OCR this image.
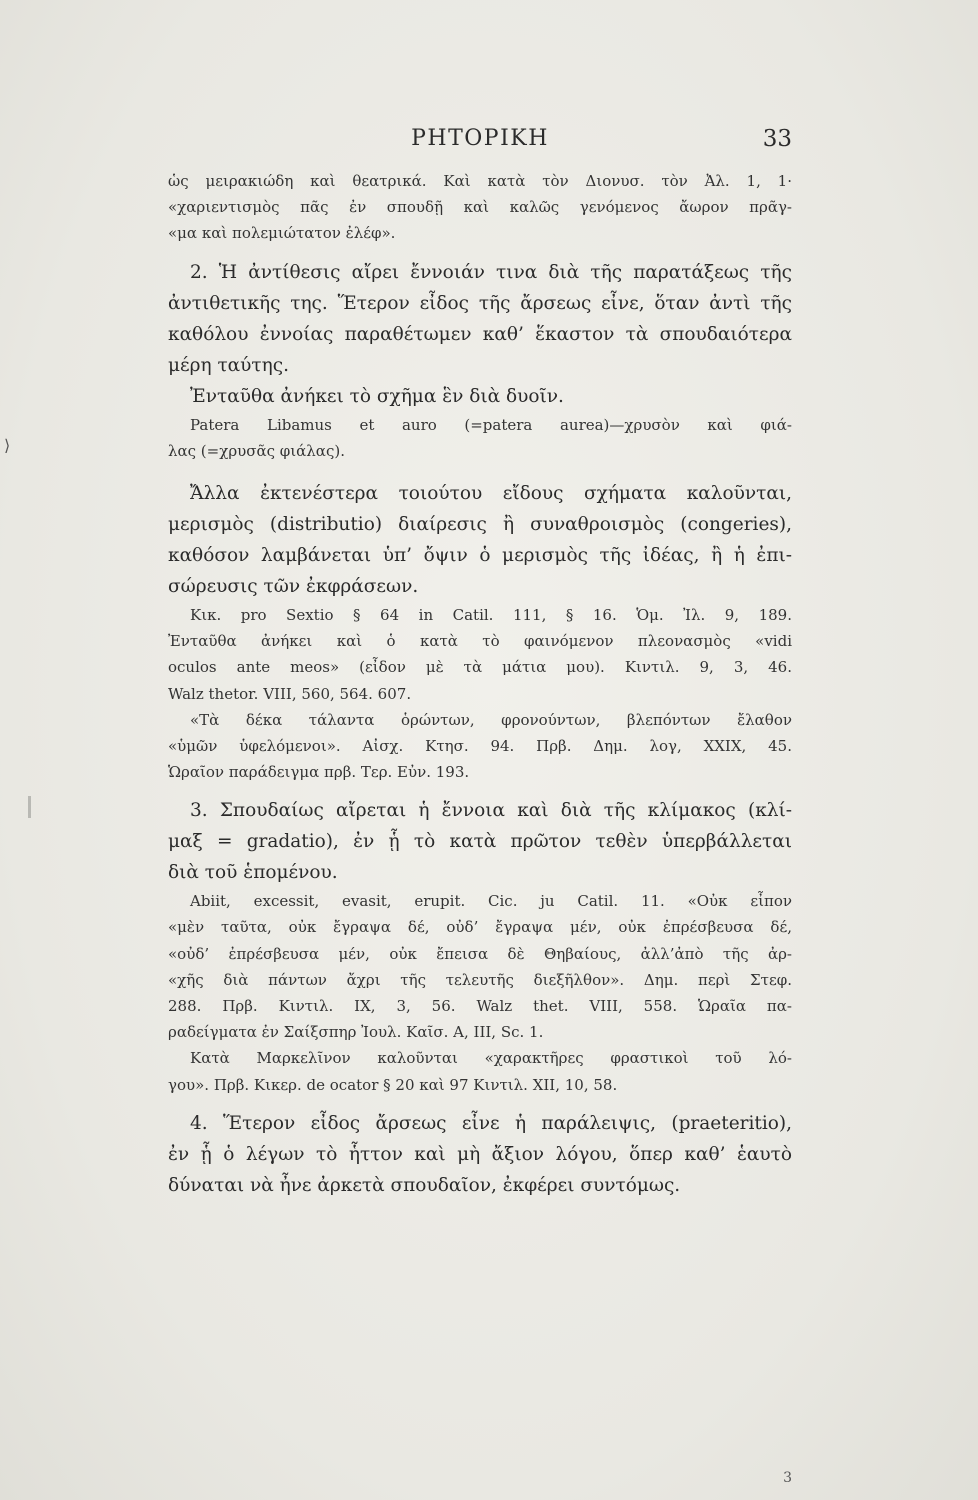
ΡΗΤΟΡΙΚΗ	33
⟩
ὡς μειρακιώδη καὶ θεατρικά. Καὶ κατὰ τὸν Διονυσ. τὸν Ἀλ. 1, 1·
«χαριεντισμὸς πᾶς ἐν σπουδῇ καὶ καλῶς γενόμενος ἄωρον πρᾶγ-
«μα καὶ πολεμιώτατον ἐλέφ».
2. Ἡ ἀντίθεσις αἴρει ἔννοιάν τινα διὰ τῆς παρατάξεως τῆς
ἀντιθετικῆς της. Ἕτερον εἶδος τῆς ἄρσεως εἶνε, ὅταν ἀντὶ τῆς
καθόλου ἐννοίας παραθέτωμεν καθ’ ἕκαστον τὰ σπουδαιότερα
μέρη ταύτης.
Ἐνταῦθα ἀνήκει τὸ σχῆμα ἓν διὰ δυοῖν.
Patera Libamus et auro (=patera aurea)—χρυσὸν καὶ φιά-
λας (=χρυσᾶς φιάλας).
Ἄλλα ἐκτενέστερα τοιούτου εἴδους σχήματα καλοῦνται,
μερισμὸς (distributio) διαίρεσις ἢ συναθροισμὸς (congeries),
καθόσον λαμβάνεται ὑπ’ ὄψιν ὁ μερισμὸς τῆς ἰδέας, ἢ ἡ ἐπι-
σώρευσις τῶν ἐκφράσεων.
Κικ. pro Sextio § 64 in Catil. 111, § 16. Ὁμ. Ἰλ. 9, 189.
Ἐνταῦθα ἀνήκει καὶ ὁ κατὰ τὸ φαινόμενον πλεονασμὸς «vidi
oculos ante meos» (εἶδον μὲ τὰ μάτια μου). Κιντιλ. 9, 3, 46.
Walz thetor. VIII, 560, 564. 607.
«Τὰ δέκα τάλαντα ὁρώντων, φρονούντων, βλεπόντων ἔλαθον
«ὑμῶν ὑφελόμενοι». Αἰσχ. Κτησ. 94. Πρβ. Δημ. λογ, XXIX, 45.
Ὡραῖον παράδειγμα πρβ. Τερ. Εὐν. 193.
3. Σπουδαίως αἴρεται ἡ ἔννοια καὶ διὰ τῆς κλίμακος (κλί-
μαξ = gradatio), ἐν ᾗ τὸ κατὰ πρῶτον τεθὲν ὑπερβάλλεται
διὰ τοῦ ἑπομένου.
Abiit, excessit, evasit, erupit. Cic. ju Catil. 11. «Οὐκ εἶπον
«μὲν ταῦτα, οὐκ ἔγραψα δέ, οὐδ’ ἔγραψα μέν, οὐκ ἐπρέσβευσα δέ,
«οὐδ’ ἐπρέσβευσα μέν, οὐκ ἔπεισα δὲ Θηβαίους, ἀλλ’ἀπὸ τῆς ἀρ-
«χῆς διὰ πάντων ἄχρι τῆς τελευτῆς διεξῆλθον». Δημ. περὶ Στεφ.
288. Πρβ. Κιντιλ. IX, 3, 56. Walz thet. VIII, 558. Ὡραῖα πα-
ραδείγματα ἐν Σαίξσπηρ Ἰουλ. Καῖσ. Α, III, Sc. 1.
Κατὰ Μαρκελῖνον καλοῦνται «χαρακτῆρες φραστικοὶ τοῦ λό-
γου». Πρβ. Κικερ. de ocator § 20 καὶ 97 Κιντιλ. XII, 10, 58.
4. Ἕτερον εἶδος ἄρσεως εἶνε ἡ παράλειψις, (praeteritio),
ἐν ᾗ ὁ λέγων τὸ ἧττον καὶ μὴ ἄξιον λόγου, ὅπερ καθ’ ἑαυτὸ
δύναται νὰ ἦνε ἀρκετὰ σπουδαῖον, ἐκφέρει συντόμως.
3
